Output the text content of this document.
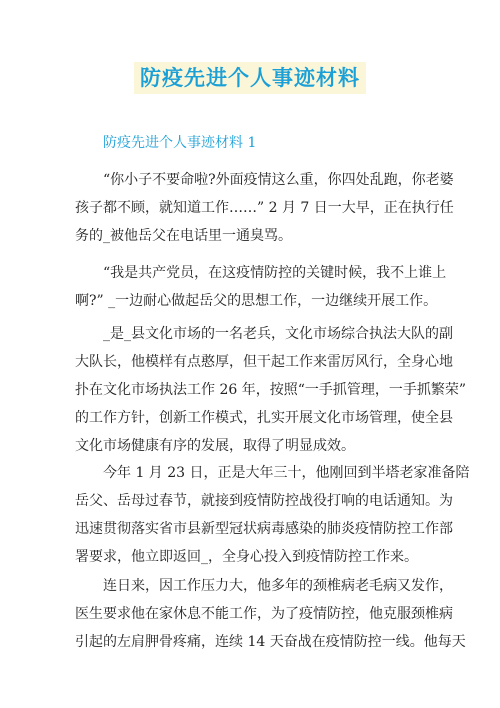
防疫先进个人事迹材料
防疫先进个人事迹材料 1

“你小子不要命啦?外面疫情这么重，你四处乱跑，你老婆
孩子都不顾，就知道工作……” 2 月 7 日一大早，正在执行任
务的_被他岳父在电话里一通臭骂。

“我是共产党员，在这疫情防控的关键时候，我不上谁上
啊?” _一边耐心做起岳父的思想工作，一边继续开展工作。

_是_县文化市场的一名老兵，文化市场综合执法大队的副
大队长，他模样有点憨厚，但干起工作来雷厉风行，全身心地
扑在文化市场执法工作 26 年，按照“一手抓管理，一手抓繁荣”
的工作方针，创新工作模式，扎实开展文化市场管理，使全县
文化市场健康有序的发展，取得了明显成效。

今年 1 月 23 日，正是大年三十，他刚回到半塔老家准备陪
岳父、岳母过春节，就接到疫情防控战役打响的电话通知。为
迅速贯彻落实省市县新型冠状病毒感染的肺炎疫情防控工作部
署要求，他立即返回_，全身心投入到疫情防控工作来。

连日来，因工作压力大，他多年的颈椎病老毛病又发作，
医生要求他在家休息不能工作，为了疫情防控，他克服颈椎病
引起的左肩胛骨疼痛，连续 14 天奋战在疫情防控一线。他每天
